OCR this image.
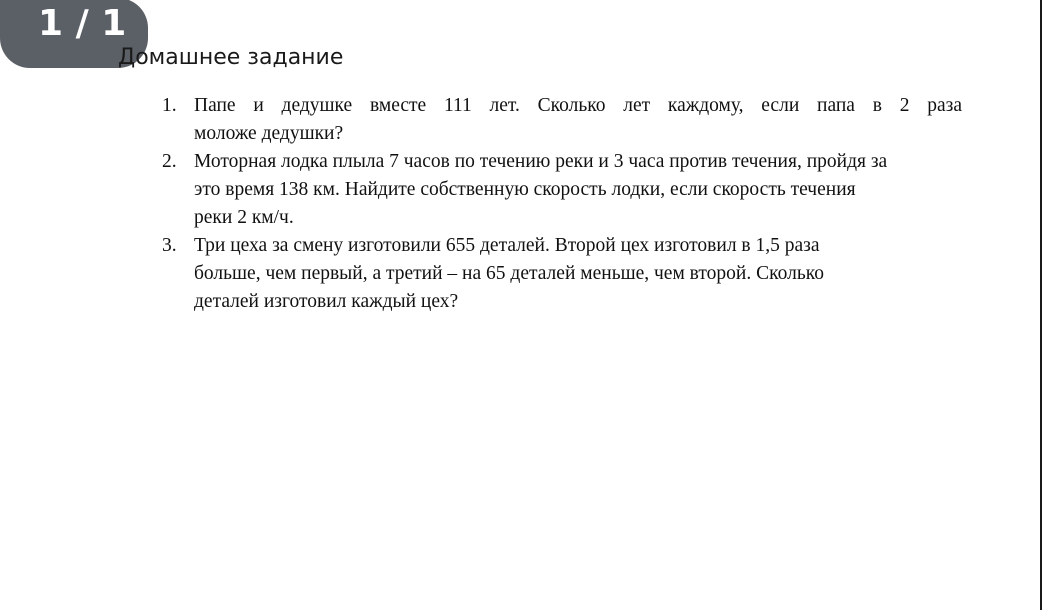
1 / 1
Домашнее задание
1. Папе и дедушке вместе 111 лет. Сколько лет каждому, если папа в 2 раза
моложе дедушки?
2. Моторная лодка плыла 7 часов по течению реки и 3 часа против течения, пройдя за
это время 138 км. Найдите собственную скорость лодки, если скорость течения
реки 2 км/ч.
3. Три цеха за смену изготовили 655 деталей. Второй цех изготовил в 1,5 раза
больше, чем первый, а третий – на 65 деталей меньше, чем второй. Сколько
деталей изготовил каждый цех?
